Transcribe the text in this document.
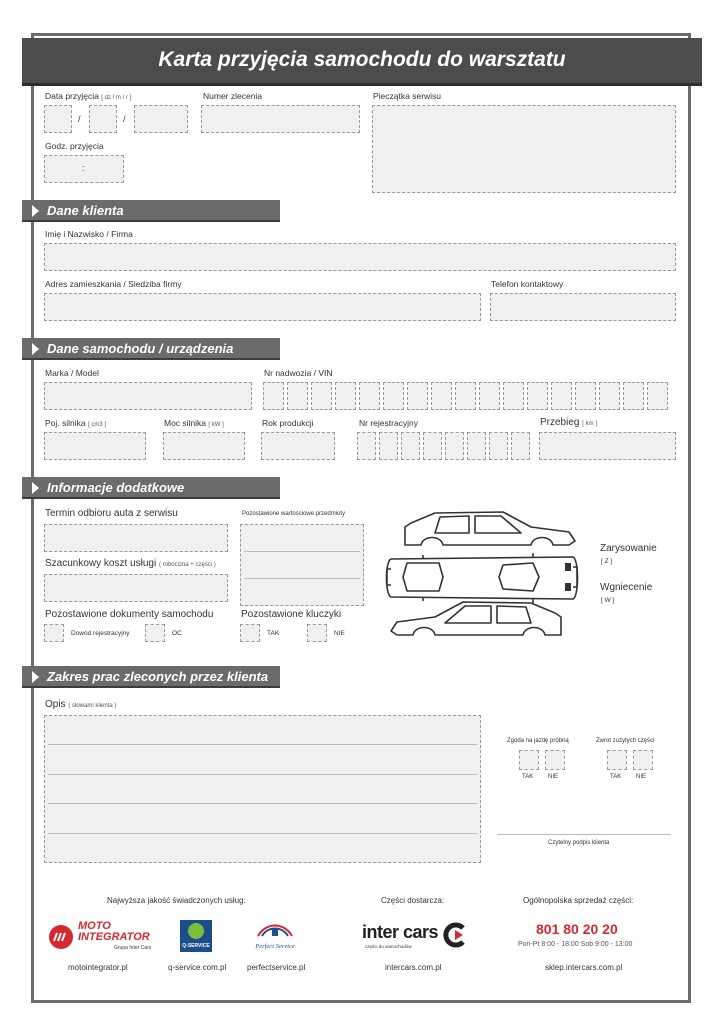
Karta przyjęcia samochodu do warsztatu
Data przyjęcia [ dz / m / r ]
/	/
Numer zlecenia	Pieczątka serwisu
Godz. przyjęcia
:
Dane klienta
Imię i Nazwisko / Firma
Adres zamieszkania / Siedziba firmy	Telefon kontaktowy
Dane samochodu / urządzenia
Marka / Model	Nr nadwozia / VIN
Poj. silnika [ cm3 ]	Moc silnika [ kW ]	Rok produkcji	Nr rejestracyjny	Przebieg [ km ]
Informacje dodatkowe
Termin odbioru auta z serwisu	Pozostawione wartościowe przedmioty
Szacunkowy koszt usługi ( robocizna + części )
Pozostawione dokumenty samochodu
Dowód rejestracyjny	OC
Pozostawione kluczyki
TAK	NIE
Zarysowanie
[ Z ]
Wgniecenie
[ W ]
Zakres prac zleconych przez klienta
Opis ( słowami klienta )
Zgoda na jazdę próbną
TAK NIE
Zwrot zużytych części
TAK NIE
Czytelny podpis klienta
Najwyższa jakość świadczonych usług:	Części dostarcza:	Ogólnopolska sprzedaż części:
MOTO
INTEGRATOR
Grupa Inter Cars	Q-SERVICE	Perfect Service
inter cars
części do samochodów
801 80 20 20
Pon-Pt 8:00 - 18:00 Sob 9:00 - 13:00
motointegrator.pl	q-service.com.pl	perfectservice.pl	intercars.com.pl	sklep.intercars.com.pl
